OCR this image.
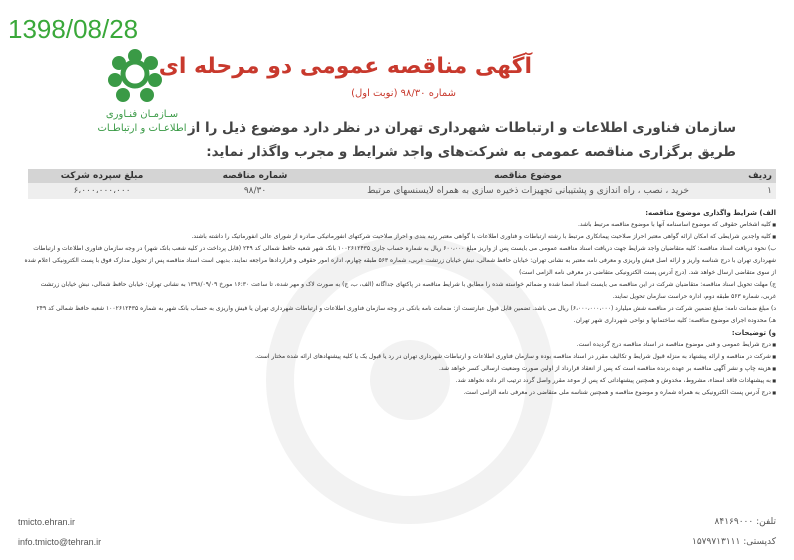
1398/08/28
سـازمـان فنـاوری
اطلاعـات و ارتباطـات
آگهی مناقصه عمومی دو مرحله ای
شماره ۹۸/۳۰ (نوبت اول)
سازمان فناوری اطلاعات و ارتباطات شهرداری تهران در نظر دارد موضوع ذیل را از طریق برگزاری مناقصه عمومی به شرکت‌های واجد شرایط و مجرب واگذار نماید:
ردیف	موضوع مناقصه	شماره مناقصه	مبلغ سپرده شرکت
۱	خرید ، نصب ، راه اندازی و پشتیبانی تجهیزات ذخیره سازی به همراه لایسنسهای مرتبط	۹۸/۳۰	۶،۰۰۰،۰۰۰،۰۰۰
الف) شرایط واگذاری موضوع مناقصه:
■ کلیه اشخاص حقوقی که موضوع اساسنامه آنها با موضوع مناقصه مرتبط باشد.
■ کلیه واجدین شرایطی که امکان ارائه گواهی معتبر احراز صلاحیت پیمانکاری مرتبط با رشته ارتباطات و فناوری اطلاعات با گواهی معتبر رتبه بندی و احراز صلاحیت شرکتهای انفورماتیکی صادره از شورای عالی انفورماتیک را داشته باشند.
ب) نحوه دریافت اسناد مناقصه: کلیه متقاضیان واجد شرایط جهت دریافت اسناد مناقصه عمومی می بایست پس از واریز مبلغ ۶۰۰،۰۰۰ ریال به شماره حساب جاری ۱۰۰۲۶۱۲۴۳۵ بانک شهر شعبه حافظ شمالی کد ۲۴۹ (قابل پرداخت در کلیه شعب بانک شهر) در وجه سازمان فناوری اطلاعات و ارتباطات شهرداری تهران با درج شناسه واریز و ارائه اصل فیش واریزی و معرفی نامه معتبر به نشانی تهران: خیابان حافظ شمالی، نبش خیابان زرتشت غربی، شماره ۵۶۳ طبقه چهارم، اداره امور حقوقی و قراردادها مراجعه نمایند. بدیهی است اسناد مناقصه پس از تحویل مدارک فوق با پست الکترونیکی اعلام شده از سوی متقاضی ارسال خواهد شد. (درج آدرس پست الکترونیکی متقاضی در معرفی نامه الزامی است)
ج) مهلت تحویل اسناد مناقصه: متقاضیان شرکت در این مناقصه می بایست اسناد امضا شده و ضمائم خواسته شده را مطابق با شرایط مناقصه در پاکتهای جداگانه (الف، ب، ج) به صورت لاک و مهر شده، تا ساعت ۱۶:۳۰ مورخ ۱۳۹۸/۰۹/۰۹ به نشانی تهران: خیابان حافظ شمالی، نبش خیابان زرتشت غربی، شماره ۵۶۳ طبقه دوم، اداره حراست سازمان تحویل نمایند.
د) مبلغ ضمانت نامه: مبلغ تضمین شرکت در مناقصه شش میلیارد (۶،۰۰۰،۰۰۰،۰۰۰) ریال می باشد. تضمین قابل قبول عبارتست از: ضمانت نامه بانکی در وجه سازمان فناوری اطلاعات و ارتباطات شهرداری تهران یا فیش واریزی به حساب بانک شهر به شماره ۱۰۰۲۶۱۲۴۳۵ شعبه حافظ شمالی کد ۲۴۹
هـ) محدوده اجرای موضوع مناقصه: کلیه ساختمانها و نواحی شهرداری شهر تهران.
و) توضیحات:
■ درج شرایط عمومی و فنی موضوع مناقصه در اسناد مناقصه درج گردیده است.
■ شرکت در مناقصه و ارائه پیشنهاد به منزله قبول شرایط و تکالیف مقرر در اسناد مناقصه بوده و سازمان فناوری اطلاعات و ارتباطات شهرداری تهران در رد یا قبول یک یا کلیه پیشنهادهای ارائه شده مختار است.
■ هزینه چاپ و نشر آگهی مناقصه بر عهده برنده مناقصه است که پس از انعقاد قرارداد از اولین صورت وضعیت ارسالی کسر خواهد شد.
■ به پیشنهادات فاقد امضاء، مشروط، مخدوش و همچنین پیشنهاداتی که پس از موعد مقرر واصل گردد ترتیب اثر داده نخواهد شد.
■ درج آدرس پست الکترونیکی به همراه شماره و موضوع مناقصه و همچنین شناسه ملی متقاضی در معرفی نامه الزامی است.
tmicto.ehran.ir
info.tmicto@tehran.ir
تلفن: ۸۴۱۶۹۰۰۰
کدپستی: ۱۵۷۹۷۱۳۱۱۱
